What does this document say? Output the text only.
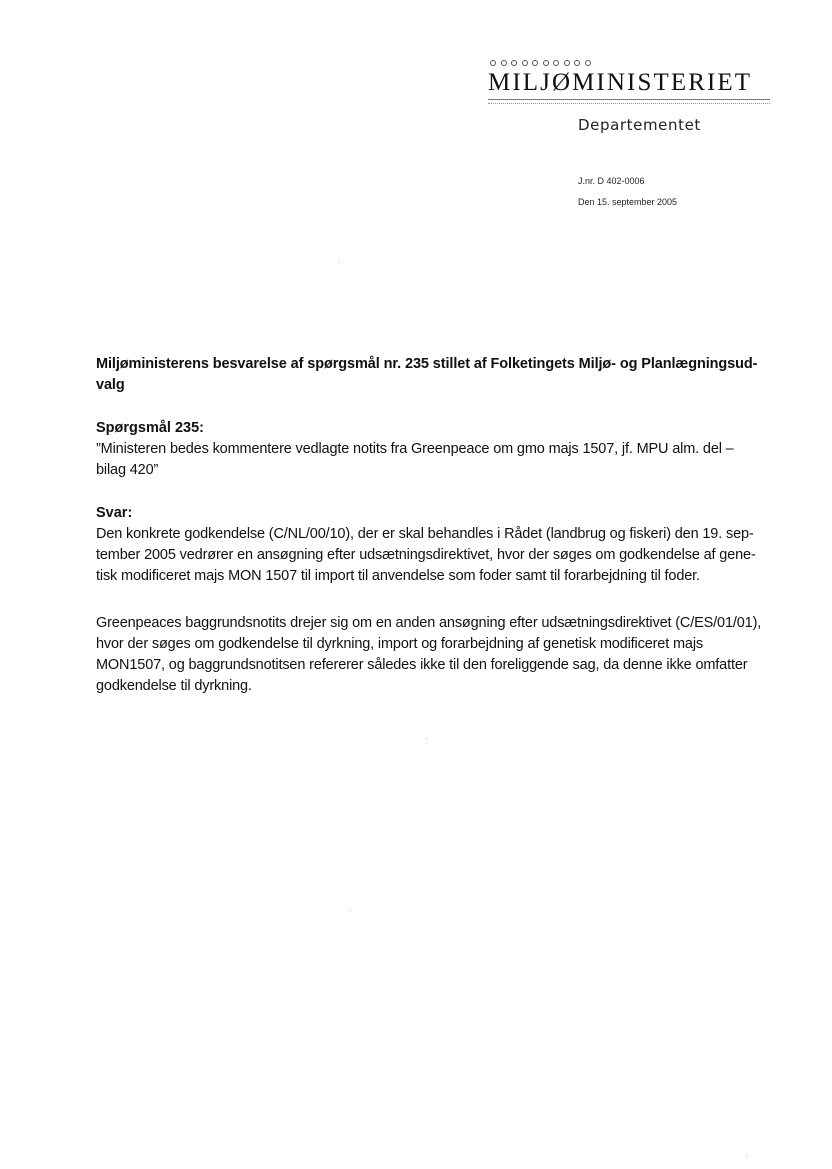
MILJØMINISTERIET
Departementet
J.nr. D 402-0006
Den 15. september 2005

Miljøministerens besvarelse af spørgsmål nr. 235 stillet af Folketingets Miljø- og Planlægningsud-
valg

Spørgsmål 235:

”Ministeren bedes kommentere vedlagte notits fra Greenpeace om gmo majs 1507, jf. MPU alm. del –
bilag 420”

Svar:

Den konkrete godkendelse (C/NL/00/10), der er skal behandles i Rådet (landbrug og fiskeri) den 19. sep-
tember 2005 vedrører en ansøgning efter udsætningsdirektivet, hvor der søges om godkendelse af gene-
tisk modificeret majs MON 1507 til import til anvendelse som foder samt til forarbejdning til foder.

Greenpeaces baggrundsnotits drejer sig om en anden ansøgning efter udsætningsdirektivet (C/ES/01/01),
hvor der søges om godkendelse til dyrkning, import og forarbejdning af genetisk modificeret majs
MON1507, og baggrundsnotitsen refererer således ikke til den foreliggende sag, da denne ikke omfatter
godkendelse til dyrkning.
